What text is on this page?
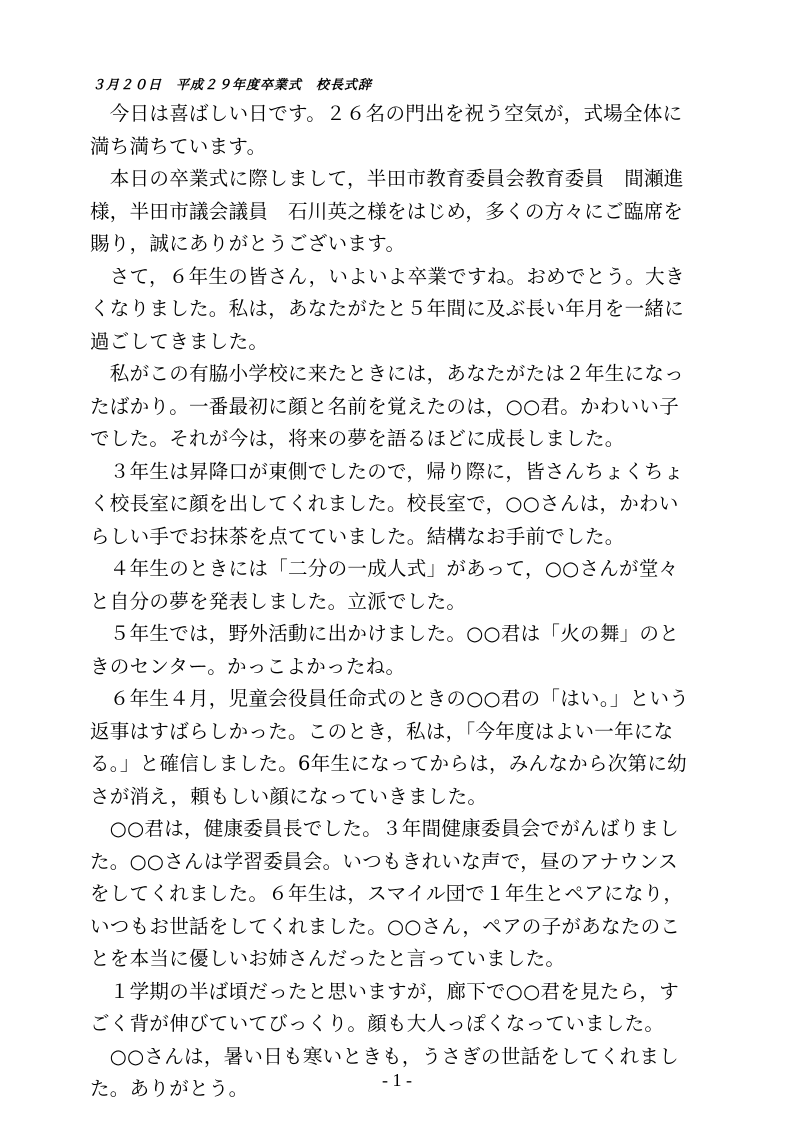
３月２０日　平成２９年度卒業式　校長式辞
　今日は喜ばしい日です。２６名の門出を祝う空気が，式場全体に
満ち満ちています。
　本日の卒業式に際しまして，半田市教育委員会教育委員　間瀬進
様，半田市議会議員　石川英之様をはじめ，多くの方々にご臨席を
賜り，誠にありがとうございます。
　さて，６年生の皆さん，いよいよ卒業ですね。おめでとう。大き
くなりました。私は，あなたがたと５年間に及ぶ長い年月を一緒に
過ごしてきました。
　私がこの有脇小学校に来たときには，あなたがたは２年生になっ
たばかり。一番最初に顔と名前を覚えたのは，○○君。かわいい子
でした。それが今は，将来の夢を語るほどに成長しました。
　３年生は昇降口が東側でしたので，帰り際に，皆さんちょくちょ
く校長室に顔を出してくれました。校長室で，○○さんは，かわい
らしい手でお抹茶を点てていました。結構なお手前でした。
　４年生のときには「二分の一成人式」があって，○○さんが堂々
と自分の夢を発表しました。立派でした。
　５年生では，野外活動に出かけました。○○君は「火の舞」のと
きのセンター。かっこよかったね。
　６年生４月，児童会役員任命式のときの○○君の「はい。」という
返事はすばらしかった。このとき，私は，「今年度はよい一年にな
る。」と確信しました。6年生になってからは，みんなから次第に幼
さが消え，頼もしい顔になっていきました。
　○○君は，健康委員長でした。３年間健康委員会でがんばりまし
た。○○さんは学習委員会。いつもきれいな声で，昼のアナウンス
をしてくれました。６年生は，スマイル団で１年生とペアになり，
いつもお世話をしてくれました。○○さん，ペアの子があなたのこ
とを本当に優しいお姉さんだったと言っていました。
　１学期の半ば頃だったと思いますが，廊下で○○君を見たら，す
ごく背が伸びていてびっくり。顔も大人っぽくなっていました。
　○○さんは，暑い日も寒いときも，うさぎの世話をしてくれまし
た。ありがとう。	- 1 -
